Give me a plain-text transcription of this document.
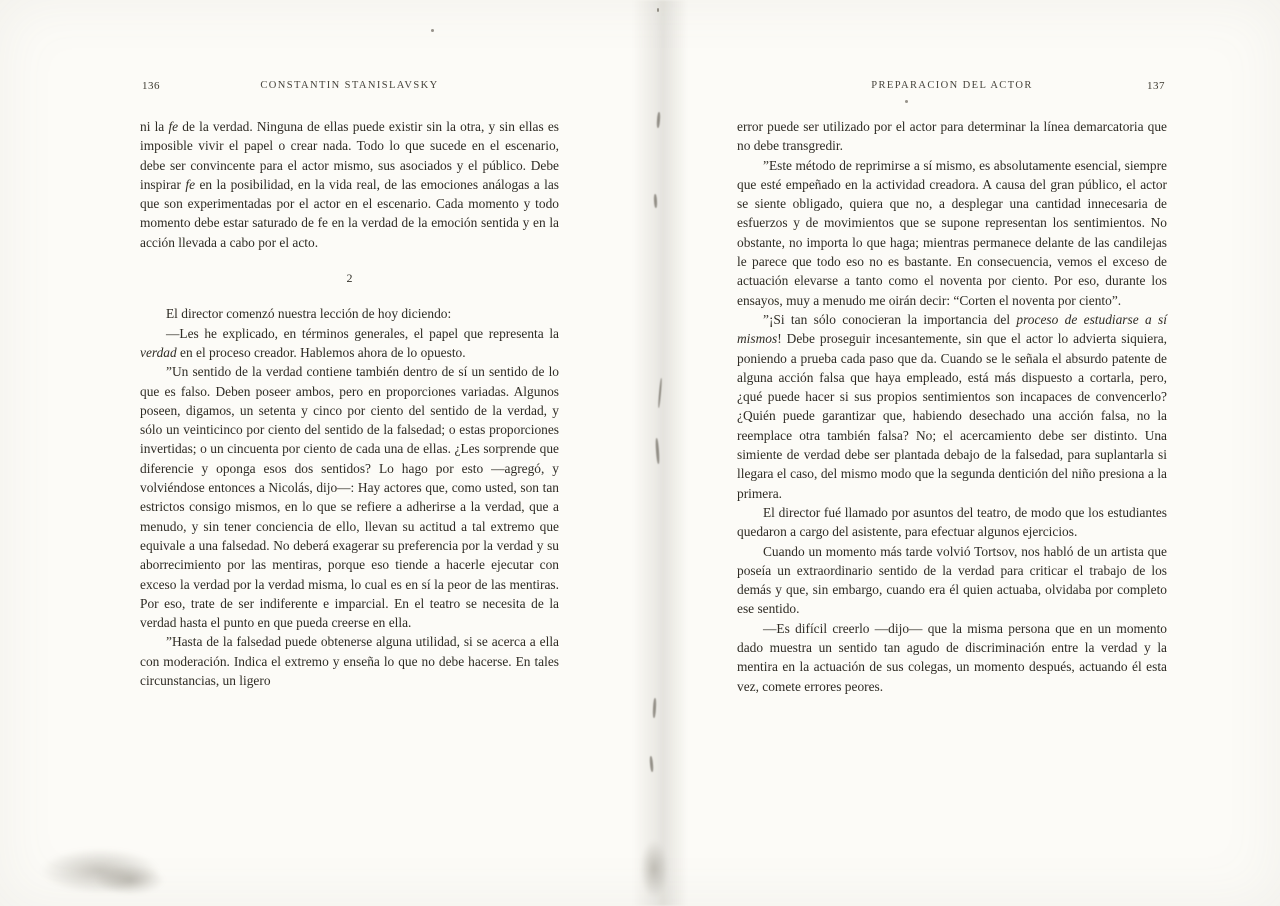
136	CONSTANTIN STANISLAVSKY	PREPARACION DEL ACTOR	137

ni la fe de la verdad. Ninguna de ellas puede existir sin la otra, y sin ellas es imposible vivir el papel o crear nada. Todo lo que sucede en el escenario, debe ser convincente para el actor mismo, sus asociados y el público. Debe inspirar fe en la posibilidad, en la vida real, de las emociones análogas a las que son experimentadas por el actor en el escenario. Cada momento y todo momento debe estar saturado de fe en la verdad de la emoción sentida y en la acción llevada a cabo por el acto.

2

El director comenzó nuestra lección de hoy diciendo:

—Les he explicado, en términos generales, el papel que representa la verdad en el proceso creador. Hablemos ahora de lo opuesto.

”Un sentido de la verdad contiene también dentro de sí un sentido de lo que es falso. Deben poseer ambos, pero en proporciones variadas. Algunos poseen, digamos, un setenta y cinco por ciento del sentido de la verdad, y sólo un veinticinco por ciento del sentido de la falsedad; o estas proporciones invertidas; o un cincuenta por ciento de cada una de ellas. ¿Les sorprende que diferencie y oponga esos dos sentidos? Lo hago por esto —agregó, y volviéndose entonces a Nicolás, dijo—: Hay actores que, como usted, son tan estrictos consigo mismos, en lo que se refiere a adherirse a la verdad, que a menudo, y sin tener conciencia de ello, llevan su actitud a tal extremo que equivale a una falsedad. No deberá exagerar su preferencia por la verdad y su aborrecimiento por las mentiras, porque eso tiende a hacerle ejecutar con exceso la verdad por la verdad misma, lo cual es en sí la peor de las mentiras. Por eso, trate de ser indiferente e imparcial. En el teatro se necesita de la verdad hasta el punto en que pueda creerse en ella.

”Hasta de la falsedad puede obtenerse alguna utilidad, si se acerca a ella con moderación. Indica el extremo y enseña lo que no debe hacerse. En tales circunstancias, un ligero

error puede ser utilizado por el actor para determinar la línea demarcatoria que no debe transgredir.

”Este método de reprimirse a sí mismo, es absolutamente esencial, siempre que esté empeñado en la actividad creadora. A causa del gran público, el actor se siente obligado, quiera que no, a desplegar una cantidad innecesaria de esfuerzos y de movimientos que se supone representan los sentimientos. No obstante, no importa lo que haga; mientras permanece delante de las candilejas le parece que todo eso no es bastante. En consecuencia, vemos el exceso de actuación elevarse a tanto como el noventa por ciento. Por eso, durante los ensayos, muy a menudo me oirán decir: “Corten el noventa por ciento”.

”¡Si tan sólo conocieran la importancia del proceso de estudiarse a sí mismos! Debe proseguir incesantemente, sin que el actor lo advierta siquiera, poniendo a prueba cada paso que da. Cuando se le señala el absurdo patente de alguna acción falsa que haya empleado, está más dispuesto a cortarla, pero, ¿qué puede hacer si sus propios sentimientos son incapaces de convencerlo? ¿Quién puede garantizar que, habiendo desechado una acción falsa, no la reemplace otra también falsa? No; el acercamiento debe ser distinto. Una simiente de verdad debe ser plantada debajo de la falsedad, para suplantarla si llegara el caso, del mismo modo que la segunda dentición del niño presiona a la primera.

El director fué llamado por asuntos del teatro, de modo que los estudiantes quedaron a cargo del asistente, para efectuar algunos ejercicios.

Cuando un momento más tarde volvió Tortsov, nos habló de un artista que poseía un extraordinario sentido de la verdad para criticar el trabajo de los demás y que, sin embargo, cuando era él quien actuaba, olvidaba por completo ese sentido.

—Es difícil creerlo —dijo— que la misma persona que en un momento dado muestra un sentido tan agudo de discriminación entre la verdad y la mentira en la actuación de sus colegas, un momento después, actuando él esta vez, comete errores peores.
